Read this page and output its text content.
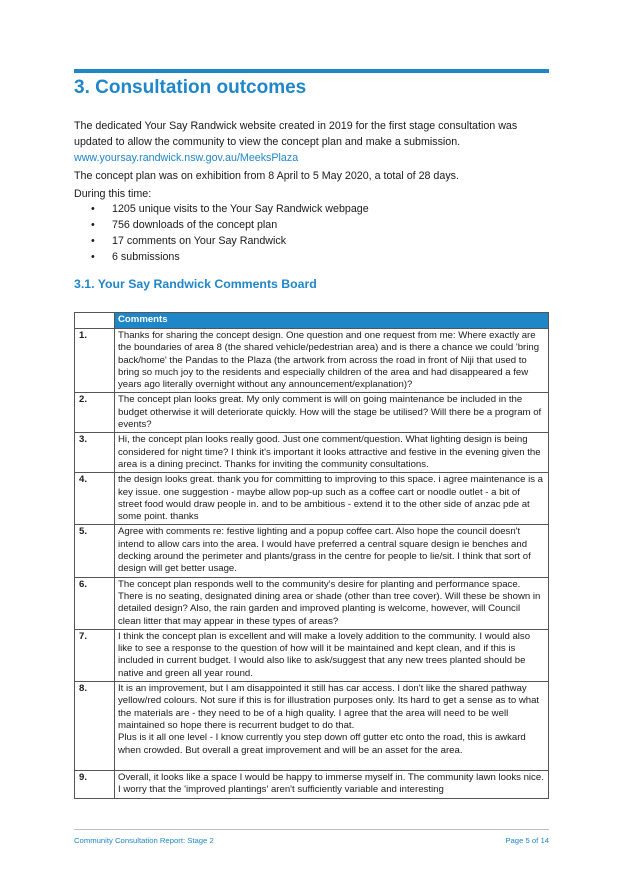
3. Consultation outcomes

The dedicated Your Say Randwick website created in 2019 for the first stage consultation was updated to allow the community to view the concept plan and make a submission.

www.yoursay.randwick.nsw.gov.au/MeeksPlaza

The concept plan was on exhibition from 8 April to 5 May 2020, a total of 28 days.

During this time:

• 1205 unique visits to the Your Say Randwick webpage
• 756 downloads of the concept plan
• 17 comments on Your Say Randwick
• 6 submissions
3.1. Your Say Randwick Comments Board
	Comments
1.	Thanks for sharing the concept design. One question and one request from me: Where exactly are the boundaries of area 8 (the shared vehicle/pedestrian area) and is there a chance we could 'bring back/home' the Pandas to the Plaza (the artwork from across the road in front of Niji that used to bring so much joy to the residents and especially children of the area and had disappeared a few years ago literally overnight without any announcement/explanation)?
2.	The concept plan looks great. My only comment is will on going maintenance be included in the budget otherwise it will deteriorate quickly. How will the stage be utilised? Will there be a program of events?
3.	Hi, the concept plan looks really good. Just one comment/question. What lighting design is being considered for night time? I think it's important it looks attractive and festive in the evening given the area is a dining precinct. Thanks for inviting the community consultations.
4.	the design looks great. thank you for committing to improving to this space. i agree maintenance is a key issue. one suggestion - maybe allow pop-up such as a coffee cart or noodle outlet - a bit of street food would draw people in. and to be ambitious - extend it to the other side of anzac pde at some point. thanks
5.	Agree with comments re: festive lighting and a popup coffee cart. Also hope the council doesn't intend to allow cars into the area. I would have preferred a central square design ie benches and decking around the perimeter and plants/grass in the centre for people to lie/sit. I think that sort of design will get better usage.
6.	The concept plan responds well to the community's desire for planting and performance space. There is no seating, designated dining area or shade (other than tree cover). Will these be shown in detailed design? Also, the rain garden and improved planting is welcome, however, will Council clean litter that may appear in these types of areas?
7.	I think the concept plan is excellent and will make a lovely addition to the community. I would also like to see a response to the question of how will it be maintained and kept clean, and if this is included in current budget. I would also like to ask/suggest that any new trees planted should be native and green all year round.
8.	It is an improvement, but I am disappointed it still has car access. I don't like the shared pathway yellow/red colours. Not sure if this is for illustration purposes only. Its hard to get a sense as to what the materials are - they need to be of a high quality. I agree that the area will need to be well maintained so hope there is recurrent budget to do that.
Plus is it all one level - I know currently you step down off gutter etc onto the road, this is awkard when crowded. But overall a great improvement and will be an asset for the area.

9.	Overall, it looks like a space I would be happy to immerse myself in. The community lawn looks nice. I worry that the 'improved plantings' aren't sufficiently variable and interesting
Community Consultation Report: Stage 2	Page 5 of 14
